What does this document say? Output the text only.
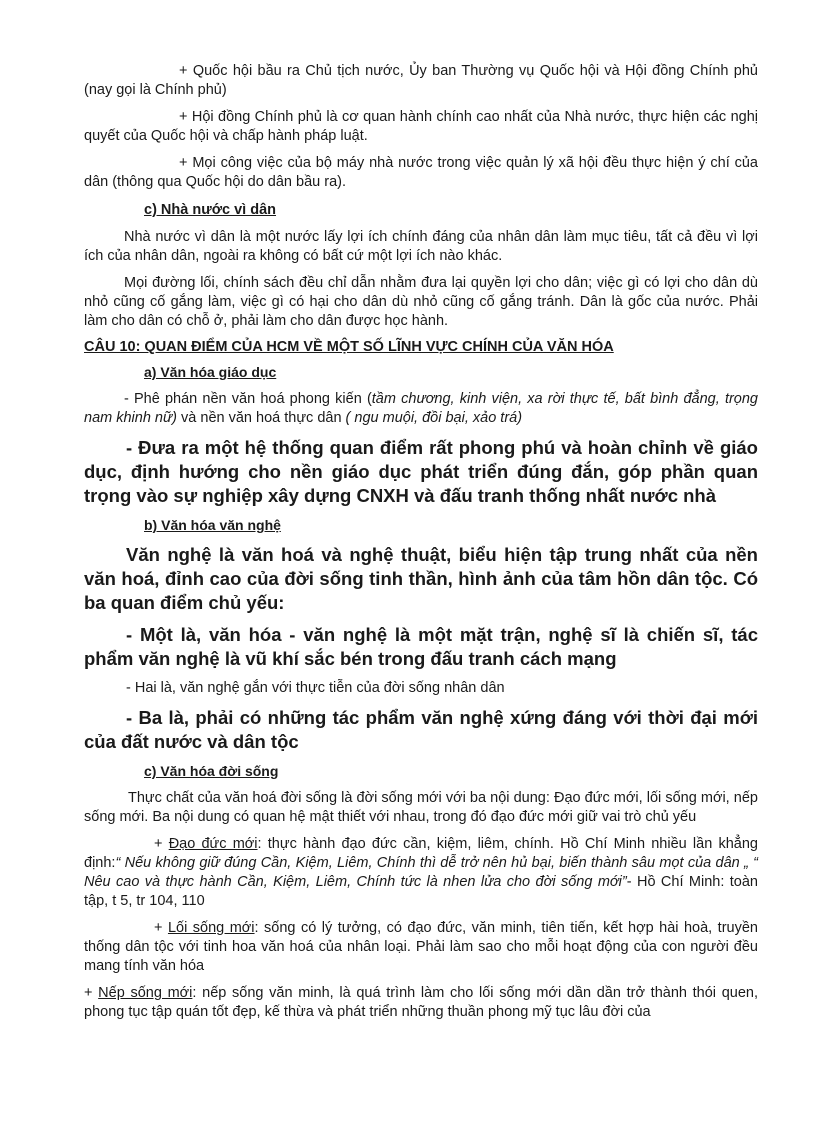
+ Quốc hội bầu ra Chủ tịch nước, Ủy ban Thường vụ Quốc hội và Hội đồng Chính phủ (nay gọi là Chính phủ)

+ Hội đồng Chính phủ là cơ quan hành chính cao nhất của Nhà nước, thực hiện các nghị quyết của Quốc hội và chấp hành pháp luật.

+ Mọi công việc của bộ máy nhà nước trong việc quản lý xã hội đều thực hiện ý chí của dân (thông qua Quốc hội do dân bầu ra).

c) Nhà nước vì dân

Nhà nước vì dân là một nước lấy lợi ích chính đáng của nhân dân làm mục tiêu, tất cả đều vì lợi ích của nhân dân, ngoài ra không có bất cứ một lợi ích nào khác.

Mọi đường lối, chính sách đều chỉ dẫn nhằm đưa lại quyền lợi cho dân; việc gì có lợi cho dân dù nhỏ cũng cố gắng làm, việc gì có hại cho dân dù nhỏ cũng cố gắng tránh. Dân là gốc của nước. Phải làm cho dân có chỗ ở, phải làm cho dân được học hành.

CÂU 10: QUAN ĐIỂM CỦA HCM VỀ MỘT SỐ LĨNH VỰC CHÍNH CỦA VĂN HÓA

a) Văn hóa giáo dục

- Phê phán nền văn hoá phong kiến (tầm chương, kinh viện, xa rời thực tế, bất bình đẳng, trọng nam khinh nữ) và nền văn hoá thực dân ( ngu muội, đồi bại, xảo trá)

- Đưa ra một hệ thống quan điểm rất phong phú và hoàn chỉnh về giáo dục, định hướng cho nền giáo dục phát triển đúng đắn, góp phần quan trọng vào sự nghiệp xây dựng CNXH và đấu tranh thống nhất nước nhà

b) Văn hóa văn nghệ

Văn nghệ là văn hoá và nghệ thuật, biểu hiện tập trung nhất của nền văn hoá, đỉnh cao của đời sống tinh thần, hình ảnh của tâm hồn dân tộc. Có ba quan điểm chủ yếu:

- Một là, văn hóa - văn nghệ là một mặt trận, nghệ sĩ là chiến sĩ, tác phẩm văn nghệ là vũ khí sắc bén trong đấu tranh cách mạng

- Hai là, văn nghệ gắn với thực tiễn của đời sống nhân dân

- Ba là, phải có những tác phẩm văn nghệ xứng đáng với thời đại mới của đất nước và dân tộc

c) Văn hóa đời sống

Thực chất của văn hoá đời sống là đời sống mới với ba nội dung: Đạo đức mới, lối sống mới, nếp sống mới. Ba nội dung có quan hệ mật thiết với nhau, trong đó đạo đức mới giữ vai trò chủ yếu

+ Đạo đức mới: thực hành đạo đức cần, kiệm, liêm, chính. Hồ Chí Minh nhiều lần khẳng định:“ Nếu không giữ đúng Cần, Kiệm, Liêm, Chính thì dễ trở nên hủ bại, biến thành sâu mọt của dân „ “ Nêu cao và thực hành Cần, Kiệm, Liêm, Chính tức là nhen lửa cho đời sống mới”- Hồ Chí Minh: toàn tập, t 5, tr 104, 110

+ Lối sống mới: sống có lý tưởng, có đạo đức, văn minh, tiên tiến, kết hợp hài hoà, truyền thống dân tộc với tinh hoa văn hoá của nhân loại. Phải làm sao cho mỗi hoạt động của con người đều mang tính văn hóa

+ Nếp sống mới: nếp sống văn minh, là quá trình làm cho lối sống mới dần dần trở thành thói quen, phong tục tập quán tốt đẹp, kế thừa và phát triển những thuần phong mỹ tục lâu đời của
